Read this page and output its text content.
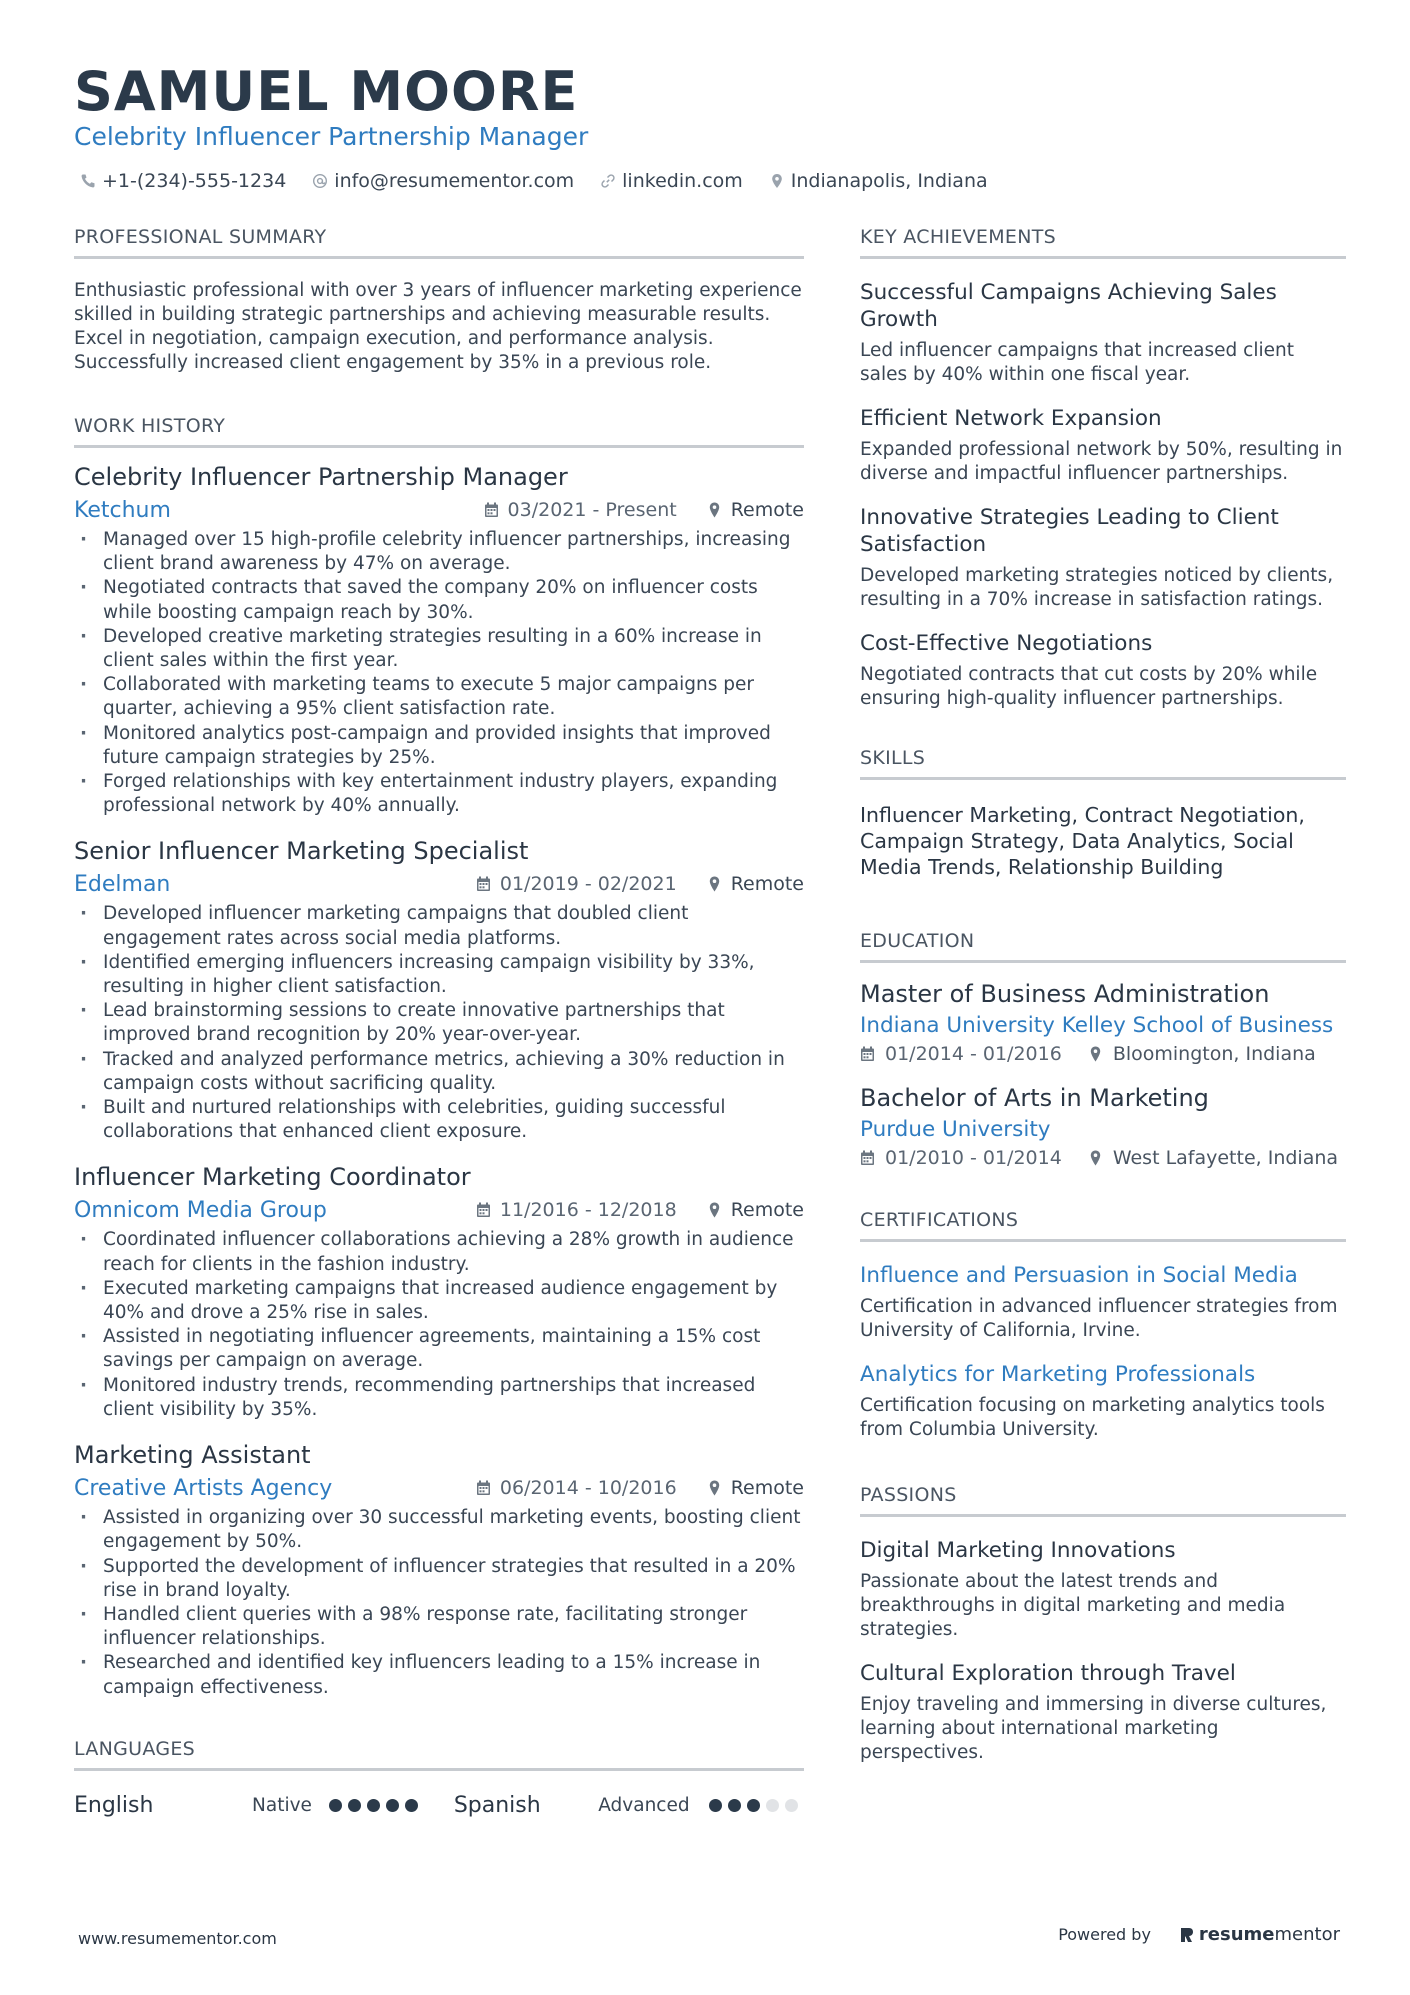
SAMUEL MOORE
Celebrity Influencer Partnership Manager
+1-(234)-555-1234	info@resumementor.com	linkedin.com	Indianapolis, Indiana
PROFESSIONAL SUMMARY
Enthusiastic professional with over 3 years of influencer marketing experience skilled in building strategic partnerships and achieving measurable results. Excel in negotiation, campaign execution, and performance analysis. Successfully increased client engagement by 35% in a previous role.
WORK HISTORY
Celebrity Influencer Partnership Manager
Ketchum	03/2021 - Present	Remote
· Managed over 15 high-profile celebrity influencer partnerships, increasing client brand awareness by 47% on average.
· Negotiated contracts that saved the company 20% on influencer costs while boosting campaign reach by 30%.
· Developed creative marketing strategies resulting in a 60% increase in client sales within the first year.
· Collaborated with marketing teams to execute 5 major campaigns per quarter, achieving a 95% client satisfaction rate.
· Monitored analytics post-campaign and provided insights that improved future campaign strategies by 25%.
· Forged relationships with key entertainment industry players, expanding professional network by 40% annually.
Senior Influencer Marketing Specialist
Edelman	01/2019 - 02/2021	Remote
· Developed influencer marketing campaigns that doubled client engagement rates across social media platforms.
· Identified emerging influencers increasing campaign visibility by 33%, resulting in higher client satisfaction.
· Lead brainstorming sessions to create innovative partnerships that improved brand recognition by 20% year-over-year.
· Tracked and analyzed performance metrics, achieving a 30% reduction in campaign costs without sacrificing quality.
· Built and nurtured relationships with celebrities, guiding successful collaborations that enhanced client exposure.
Influencer Marketing Coordinator
Omnicom Media Group	11/2016 - 12/2018	Remote
· Coordinated influencer collaborations achieving a 28% growth in audience reach for clients in the fashion industry.
· Executed marketing campaigns that increased audience engagement by 40% and drove a 25% rise in sales.
· Assisted in negotiating influencer agreements, maintaining a 15% cost savings per campaign on average.
· Monitored industry trends, recommending partnerships that increased client visibility by 35%.
Marketing Assistant
Creative Artists Agency	06/2014 - 10/2016	Remote
· Assisted in organizing over 30 successful marketing events, boosting client engagement by 50%.
· Supported the development of influencer strategies that resulted in a 20% rise in brand loyalty.
· Handled client queries with a 98% response rate, facilitating stronger influencer relationships.
· Researched and identified key influencers leading to a 15% increase in campaign effectiveness.
LANGUAGES
English	Native	Spanish	Advanced
KEY ACHIEVEMENTS
Successful Campaigns Achieving Sales Growth
Led influencer campaigns that increased client sales by 40% within one fiscal year.
Efficient Network Expansion
Expanded professional network by 50%, resulting in diverse and impactful influencer partnerships.
Innovative Strategies Leading to Client Satisfaction
Developed marketing strategies noticed by clients, resulting in a 70% increase in satisfaction ratings.
Cost-Effective Negotiations
Negotiated contracts that cut costs by 20% while ensuring high-quality influencer partnerships.
SKILLS
Influencer Marketing, Contract Negotiation, Campaign Strategy, Data Analytics, Social Media Trends, Relationship Building
EDUCATION
Master of Business Administration
Indiana University Kelley School of Business
01/2014 - 01/2016	Bloomington, Indiana
Bachelor of Arts in Marketing
Purdue University
01/2010 - 01/2014	West Lafayette, Indiana
CERTIFICATIONS
Influence and Persuasion in Social Media
Certification in advanced influencer strategies from University of California, Irvine.
Analytics for Marketing Professionals
Certification focusing on marketing analytics tools from Columbia University.
PASSIONS
Digital Marketing Innovations
Passionate about the latest trends and breakthroughs in digital marketing and media strategies.
Cultural Exploration through Travel
Enjoy traveling and immersing in diverse cultures, learning about international marketing perspectives.
www.resumementor.com	Powered by	resume mentor
